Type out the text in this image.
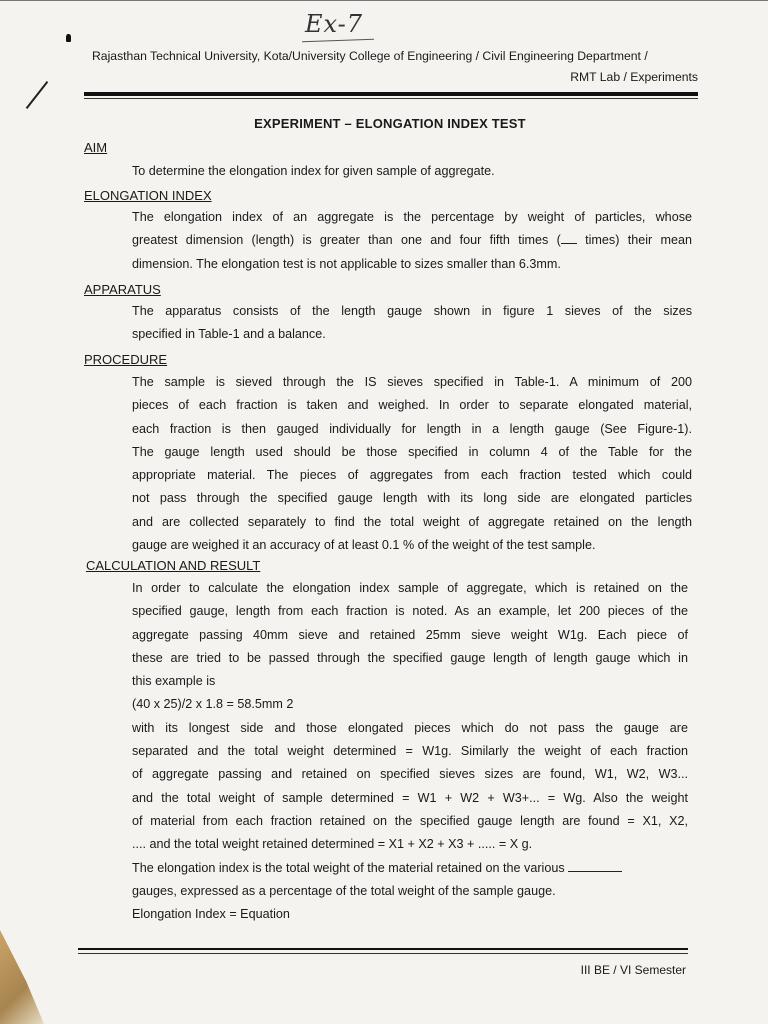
Ex-7
Rajasthan Technical University, Kota/University College of Engineering / Civil Engineering Department /
RMT Lab / Experiments
EXPERIMENT – ELONGATION INDEX TEST
AIM

To determine the elongation index for given sample of aggregate.

ELONGATION INDEX

The elongation index of an aggregate is the percentage by weight of particles, whose
greatest dimension (length) is greater than one and four fifth times ( times) their mean
dimension. The elongation test is not applicable to sizes smaller than 6.3mm.

APPARATUS

The apparatus consists of the length gauge shown in figure 1 sieves of the sizes
specified in Table-1 and a balance.

PROCEDURE

The sample is sieved through the IS sieves specified in Table-1. A minimum of 200
pieces of each fraction is taken and weighed. In order to separate elongated material,
each fraction is then gauged individually for length in a length gauge (See Figure-1).
The gauge length used should be those specified in column 4 of the Table for the
appropriate material. The pieces of aggregates from each fraction tested which could
not pass through the specified gauge length with its long side are elongated particles
and are collected separately to find the total weight of aggregate retained on the length
gauge are weighed it an accuracy of at least 0.1 % of the weight of the test sample.

CALCULATION AND RESULT

In order to calculate the elongation index sample of aggregate, which is retained on the
specified gauge, length from each fraction is noted. As an example, let 200 pieces of the
aggregate passing 40mm sieve and retained 25mm sieve weight W1g. Each piece of
these are tried to be passed through the specified gauge length of length gauge which in
this example is
(40 x 25)/2 x 1.8 = 58.5mm 2
with its longest side and those elongated pieces which do not pass the gauge are
separated and the total weight determined = W1g. Similarly the weight of each fraction
of aggregate passing and retained on specified sieves sizes are found, W1, W2, W3...
and the total weight of sample determined = W1 + W2 + W3+... = Wg. Also the weight
of material from each fraction retained on the specified gauge length are found = X1, X2,
.... and the total weight retained determined = X1 + X2 + X3 + ..... = X g.
The elongation index is the total weight of the material retained on the various
gauges, expressed as a percentage of the total weight of the sample gauge.
Elongation Index = Equation

III BE / VI Semester
